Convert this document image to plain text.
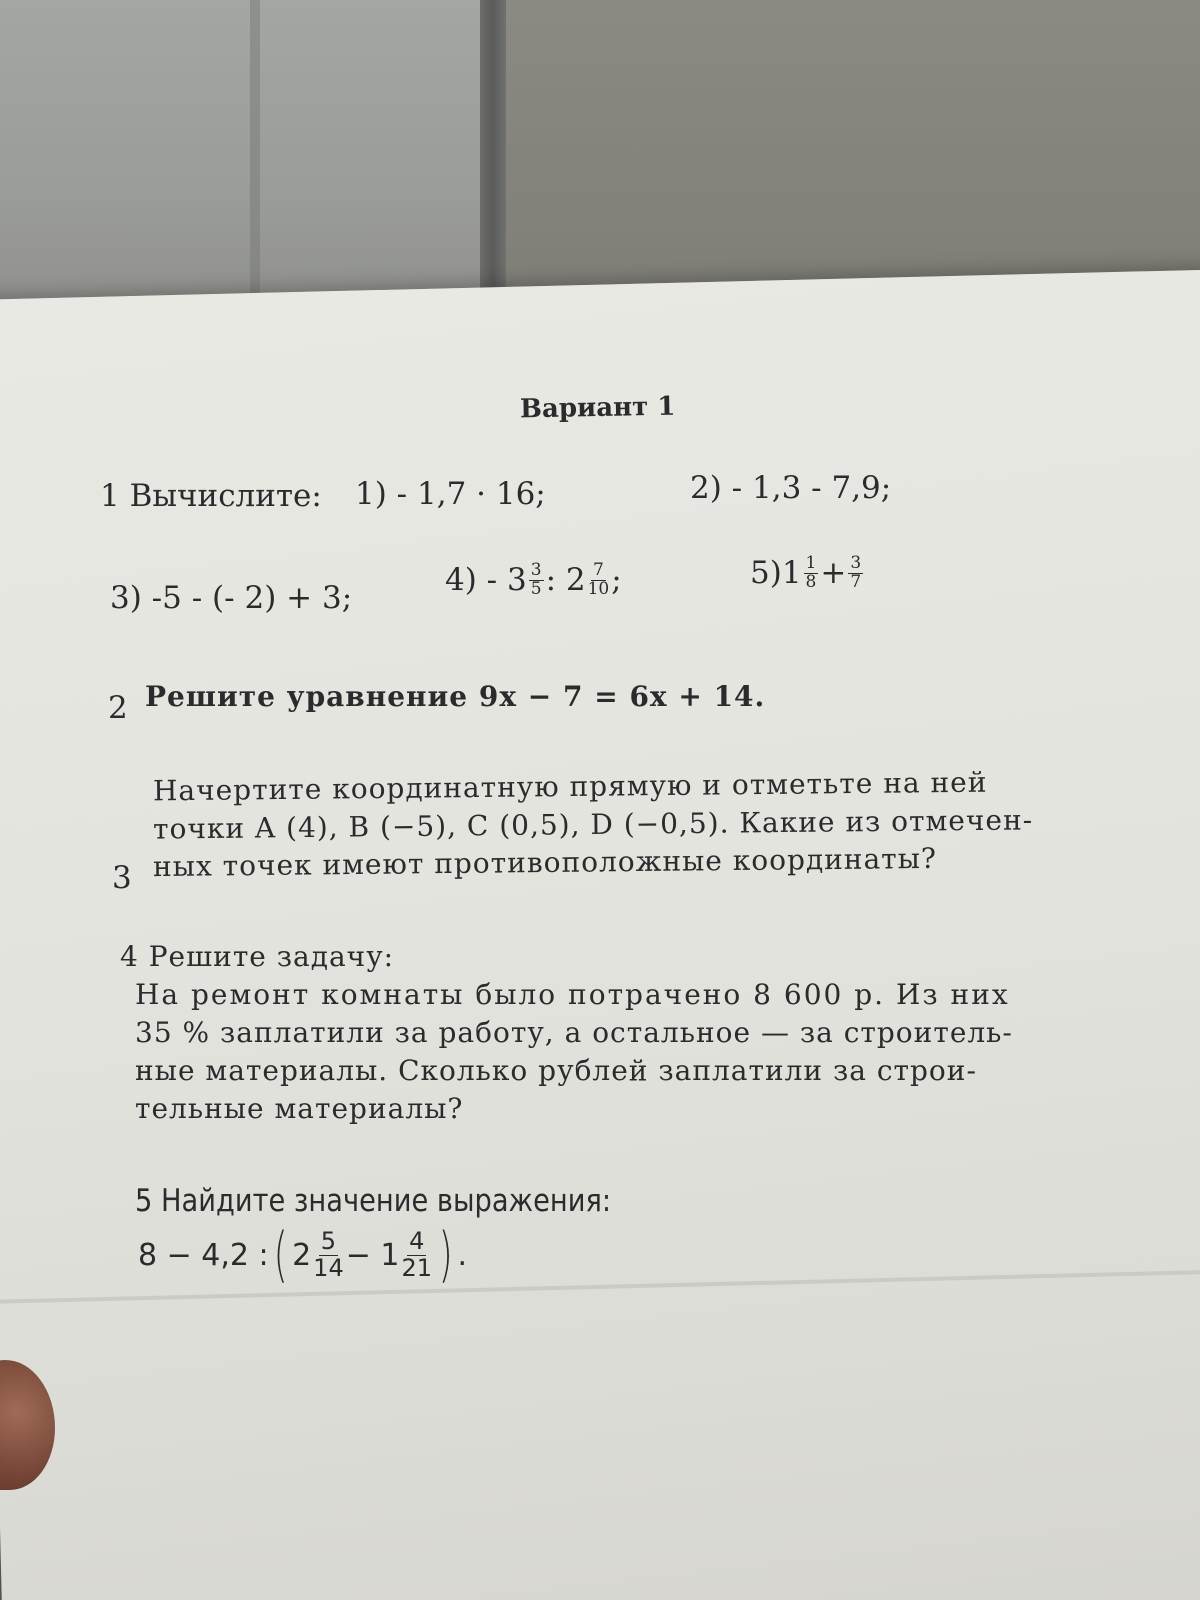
Вариант 1
1 Вычислите: 1) - 1,7 · 16;	2) - 1,3 - 7,9;
3) -5 - (- 2) + 3;	$4) - 3 \frac{3}{5}$ : $2 \frac{7}{10}$ ;	$5)1 \frac{1}{8} + \frac{3}{7}$
2 Решите уравнение 9x − 7 = 6x + 14.
Начертите координатную прямую и отметьте на ней
точки A (4), B (−5), C (0,5), D (−0,5). Какие из отмечен-
ных точек имеют противоположные координаты?
3
4 Решите задачу:
На ремонт комнаты было потрачено 8 600 р. Из них
35 % заплатили за работу, а остальное — за строитель-
ные материалы. Сколько рублей заплатили за строи-
тельные материалы?
5 Найдите значение выражения:
8 − 4,2 : ( $2 \frac{5}{14} - 1 \frac{4}{21}$ ) .
